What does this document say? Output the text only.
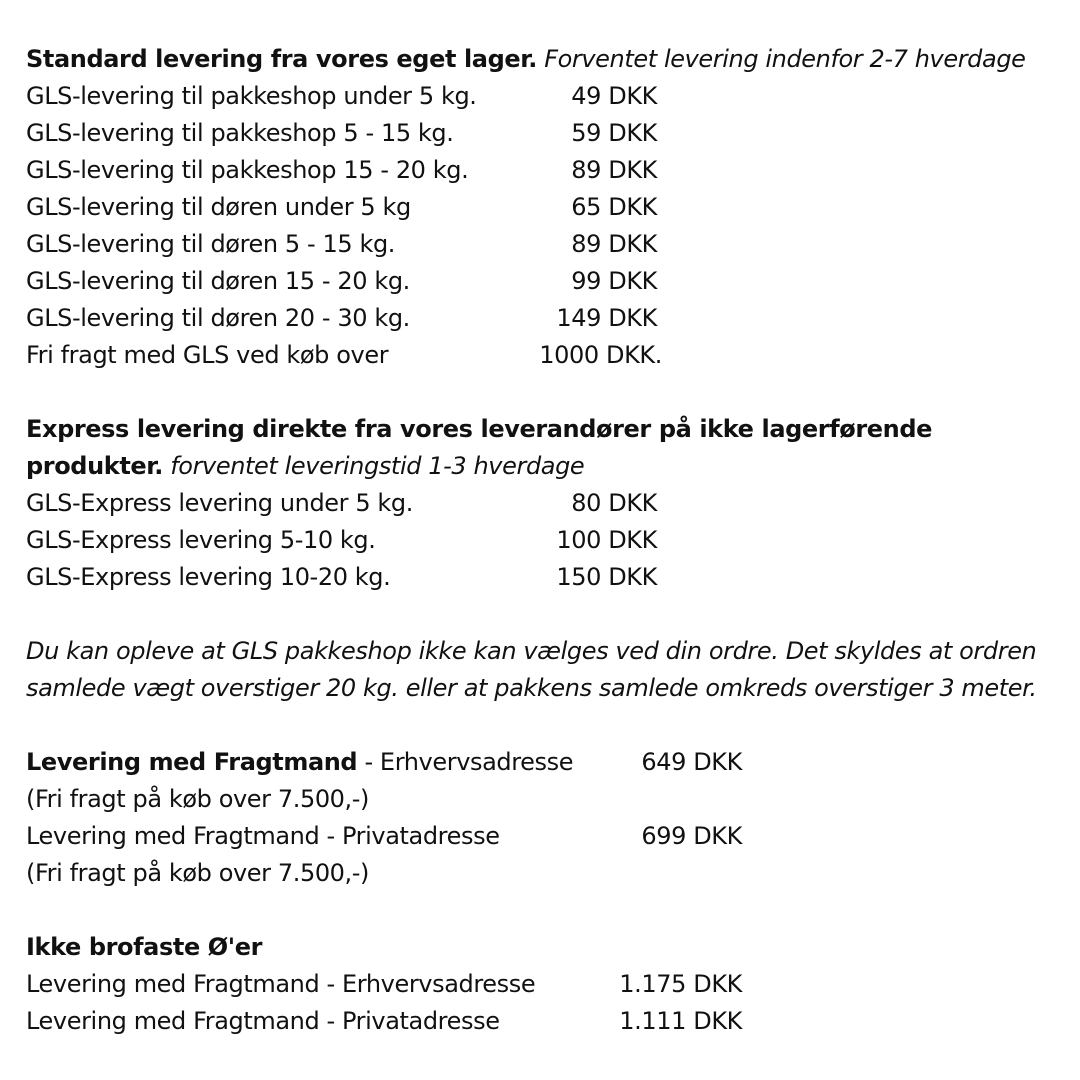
Standard levering fra vores eget lager. Forventet levering indenfor 2-7 hverdage
GLS-levering til pakkeshop under 5 kg.	49 DKK
GLS-levering til pakkeshop 5 - 15 kg.	59 DKK
GLS-levering til pakkeshop 15 - 20 kg.	89 DKK
GLS-levering til døren under 5 kg	65 DKK
GLS-levering til døren 5 - 15 kg.	89 DKK
GLS-levering til døren 15 - 20 kg.	99 DKK
GLS-levering til døren 20 - 30 kg.	149 DKK
Fri fragt med GLS ved køb over	1000 DKK.
Express levering direkte fra vores leverandører på ikke lagerførende
produkter. forventet leveringstid 1-3 hverdage
GLS-Express levering under 5 kg.	80 DKK
GLS-Express levering 5-10 kg.	100 DKK
GLS-Express levering 10-20 kg.	150 DKK
Du kan opleve at GLS pakkeshop ikke kan vælges ved din ordre. Det skyldes at ordren
samlede vægt overstiger 20 kg. eller at pakkens samlede omkreds overstiger 3 meter.
Levering med Fragtmand - Erhvervsadresse	649 DKK
(Fri fragt på køb over 7.500,-)
Levering med Fragtmand - Privatadresse	699 DKK
(Fri fragt på køb over 7.500,-)
Ikke brofaste Ø'er
Levering med Fragtmand - Erhvervsadresse	1.175 DKK
Levering med Fragtmand - Privatadresse	1.111 DKK
